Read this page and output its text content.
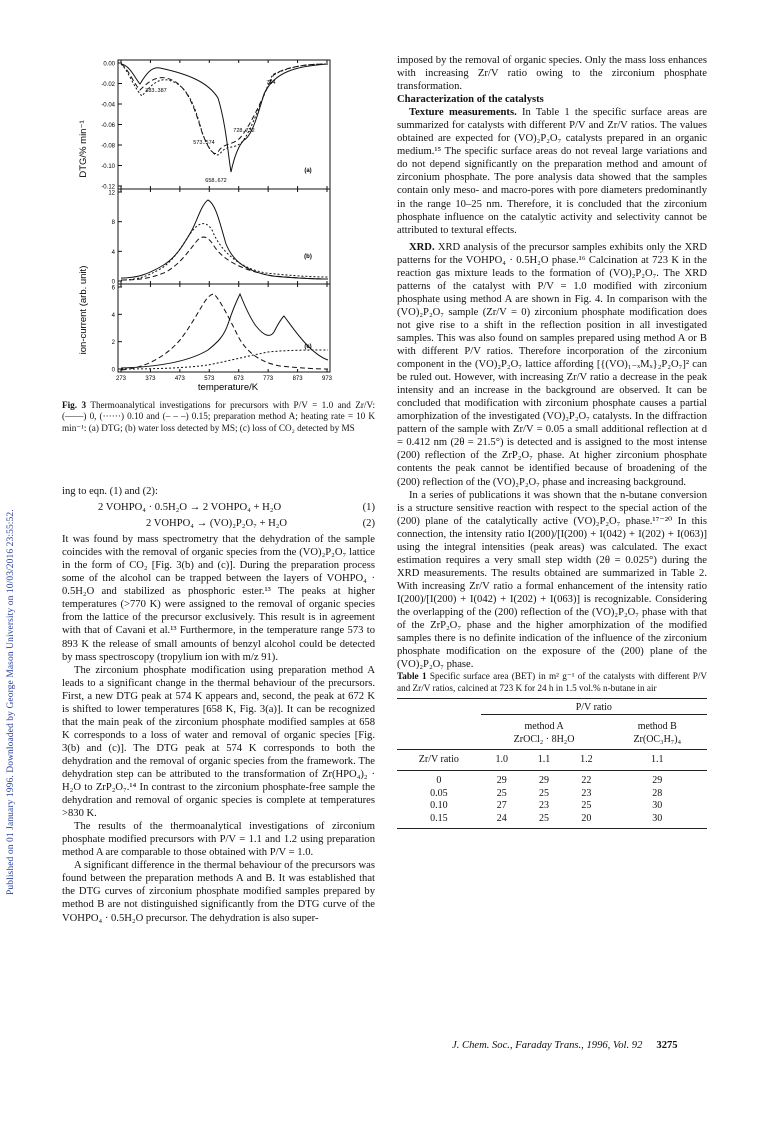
Published on 01 January 1996. Downloaded by George Mason University on 10/03/2016 23:55:52.
DTG/% min⁻¹
ion-current (arb. unit)
temperature/K
0.00
-0.02
-0.04
-0.06
-0.08
-0.10
-0.12
12
8
4
0
6
4
2
0
273	373	473	573	673	773	873	973
383..387
794
728..732
573..574
658..672
(a)
(b)
(c)
Fig. 3 Thermoanalytical investigations for precursors with P/V = 1.0 and Zr/V: (——) 0, (······) 0.10 and (– – –) 0.15; preparation method A; heating rate = 10 K min⁻¹: (a) DTG; (b) water loss detected by MS; (c) loss of CO₂ detected by MS

ing to eqn. (1) and (2):

2 VOHPO₄ · 0.5H₂O → 2 VOHPO₄ + H₂O	(1)
2 VOHPO₄ → (VO)₂P₂O₇ + H₂O	(2)

It was found by mass spectrometry that the dehydration of the sample coincides with the removal of organic species from the (VO)₂P₂O₇ lattice in the form of CO₂ [Fig. 3(b) and (c)]. During the preparation process some of the alcohol can be trapped between the layers of VOHPO₄ · 0.5H₂O and stabilized as phosphoric ester.¹³ The peaks at higher temperatures (>770 K) were assigned to the removal of organic species from the lattice of the precursor exclusively. This result is in agreement with that of Cavani et al.¹³ Furthermore, in the temperature range 573 to 893 K the release of small amounts of benzyl alcohol could be detected by mass spectroscopy (tropylium ion with m/z 91).

The zirconium phosphate modification using preparation method A leads to a significant change in the thermal behaviour of the precursors. First, a new DTG peak at 574 K appears and, second, the peak at 672 K is shifted to lower temperatures [658 K, Fig. 3(a)]. It can be recognized that the main peak of the zirconium phosphate modified samples at 658 K corresponds to a loss of water and removal of organic species [Fig. 3(b) and (c)]. The DTG peak at 574 K corresponds to both the dehydration and the removal of organic species from the framework. The dehydration step can be attributed to the transformation of Zr(HPO₄)₂ · H₂O to ZrP₂O₇.¹⁴ In contrast to the zirconium phosphate-free sample the dehydration and removal of organic species is complete at temperatures >830 K.

The results of the thermoanalytical investigations of zirconium phosphate modified precursors with P/V = 1.1 and 1.2 using preparation method A are comparable to those obtained with P/V = 1.0.

A significant difference in the thermal behaviour of the precursors was found between the preparation methods A and B. It was established that the DTG curves of zirconium phosphate modified samples prepared by method B are not distinguished significantly from the DTG curve of the VOHPO₄ · 0.5H₂O precursor. The dehydration is also super-

imposed by the removal of organic species. Only the mass loss enhances with increasing Zr/V ratio owing to the zirconium phosphate transformation.

Characterization of the catalysts

Texture measurements. In Table 1 the specific surface areas are summarized for catalysts with different P/V and Zr/V ratios. The values obtained are expected for (VO)₂P₂O₇ catalysts prepared in an organic medium.¹⁵ The specific surface areas do not reveal large variations and do not depend significantly on the preparation method and amount of zirconium phosphate. The pore analysis data showed that the samples contain only meso- and macro-pores with pore diameters predominantly in the range 10–25 nm. Therefore, it is concluded that the zirconium phosphate influence on the catalytic activity and selectivity cannot be attributed to textural effects.

XRD. XRD analysis of the precursor samples exhibits only the XRD patterns for the VOHPO₄ · 0.5H₂O phase.¹⁶ Calcination at 723 K in the reaction gas mixture leads to the formation of (VO)₂P₂O₇. The XRD patterns of the catalyst with P/V = 1.0 modified with zirconium phosphate using method A are shown in Fig. 4. In comparison with the (VO)₂P₂O₇ sample (Zr/V = 0) zirconium phosphate modification does not give rise to a shift in the reflection position in all investigated samples. This was also found on samples prepared using method A or B with different P/V ratios. Therefore incorporation of the zirconium component in the (VO)₂P₂O₇ lattice affording [{(VO)₁₋ₓMₓ}₂P₂O₇]² can be ruled out. However, with increasing Zr/V ratio a decrease in the peak intensity and an increase in the background are observed. It can be concluded that modification with zirconium phosphate causes a partial amorphization of the investigated (VO)₂P₂O₇ catalysts. In the diffraction pattern of the sample with Zr/V = 0.05 a small additional reflection at d = 0.412 nm (2θ = 21.5°) is detected and is assigned to the most intense (200) reflection of the ZrP₂O₇ phase. At higher zirconium phosphate contents the peak cannot be identified because of broadening of the (200) reflection of the (VO)₂P₂O₇ phase and increasing background.

In a series of publications it was shown that the n-butane conversion is a structure sensitive reaction with respect to the special action of the (200) plane of the catalytically active (VO)₂P₂O₇ phase.¹⁷⁻²⁰ In this connection, the intensity ratio I(200)/[I(200) + I(042) + I(202) + I(063)] using the integral intensities (peak areas) was calculated. The exact estimation requires a very small step width (2θ = 0.025°) during the XRD measurements. The results obtained are summarized in Table 2. With increasing Zr/V ratio a formal enhancement of the intensity ratio I(200)/[I(200) + I(042) + I(202) + I(063)] is recognizable. Considering the overlapping of the (200) reflection of the (VO)₂P₂O₇ phase with that of the ZrP₂O₇ phase and the higher amorphization of the modified samples there is no definite indication of the influence of the zirconium phosphate modification on the exposure of the (200) plane of the (VO)₂P₂O₇ phase.

Table 1 Specific surface area (BET) in m² g⁻¹ of the catalysts with different P/V and Zr/V ratios, calcined at 723 K for 24 h in 1.5 vol.% n-butane in air

	P/V ratio			
	method A			method B
	ZrOCl₂ · 8H₂O			Zr(OC₃H₇)₄
Zr/V ratio	1.0	1.1	1.2	1.1
0	29	29	22	29
0.05	25	25	23	28
0.10	27	23	25	30
0.15	24	25	20	30
J. Chem. Soc., Faraday Trans., 1996, Vol. 92 3275
